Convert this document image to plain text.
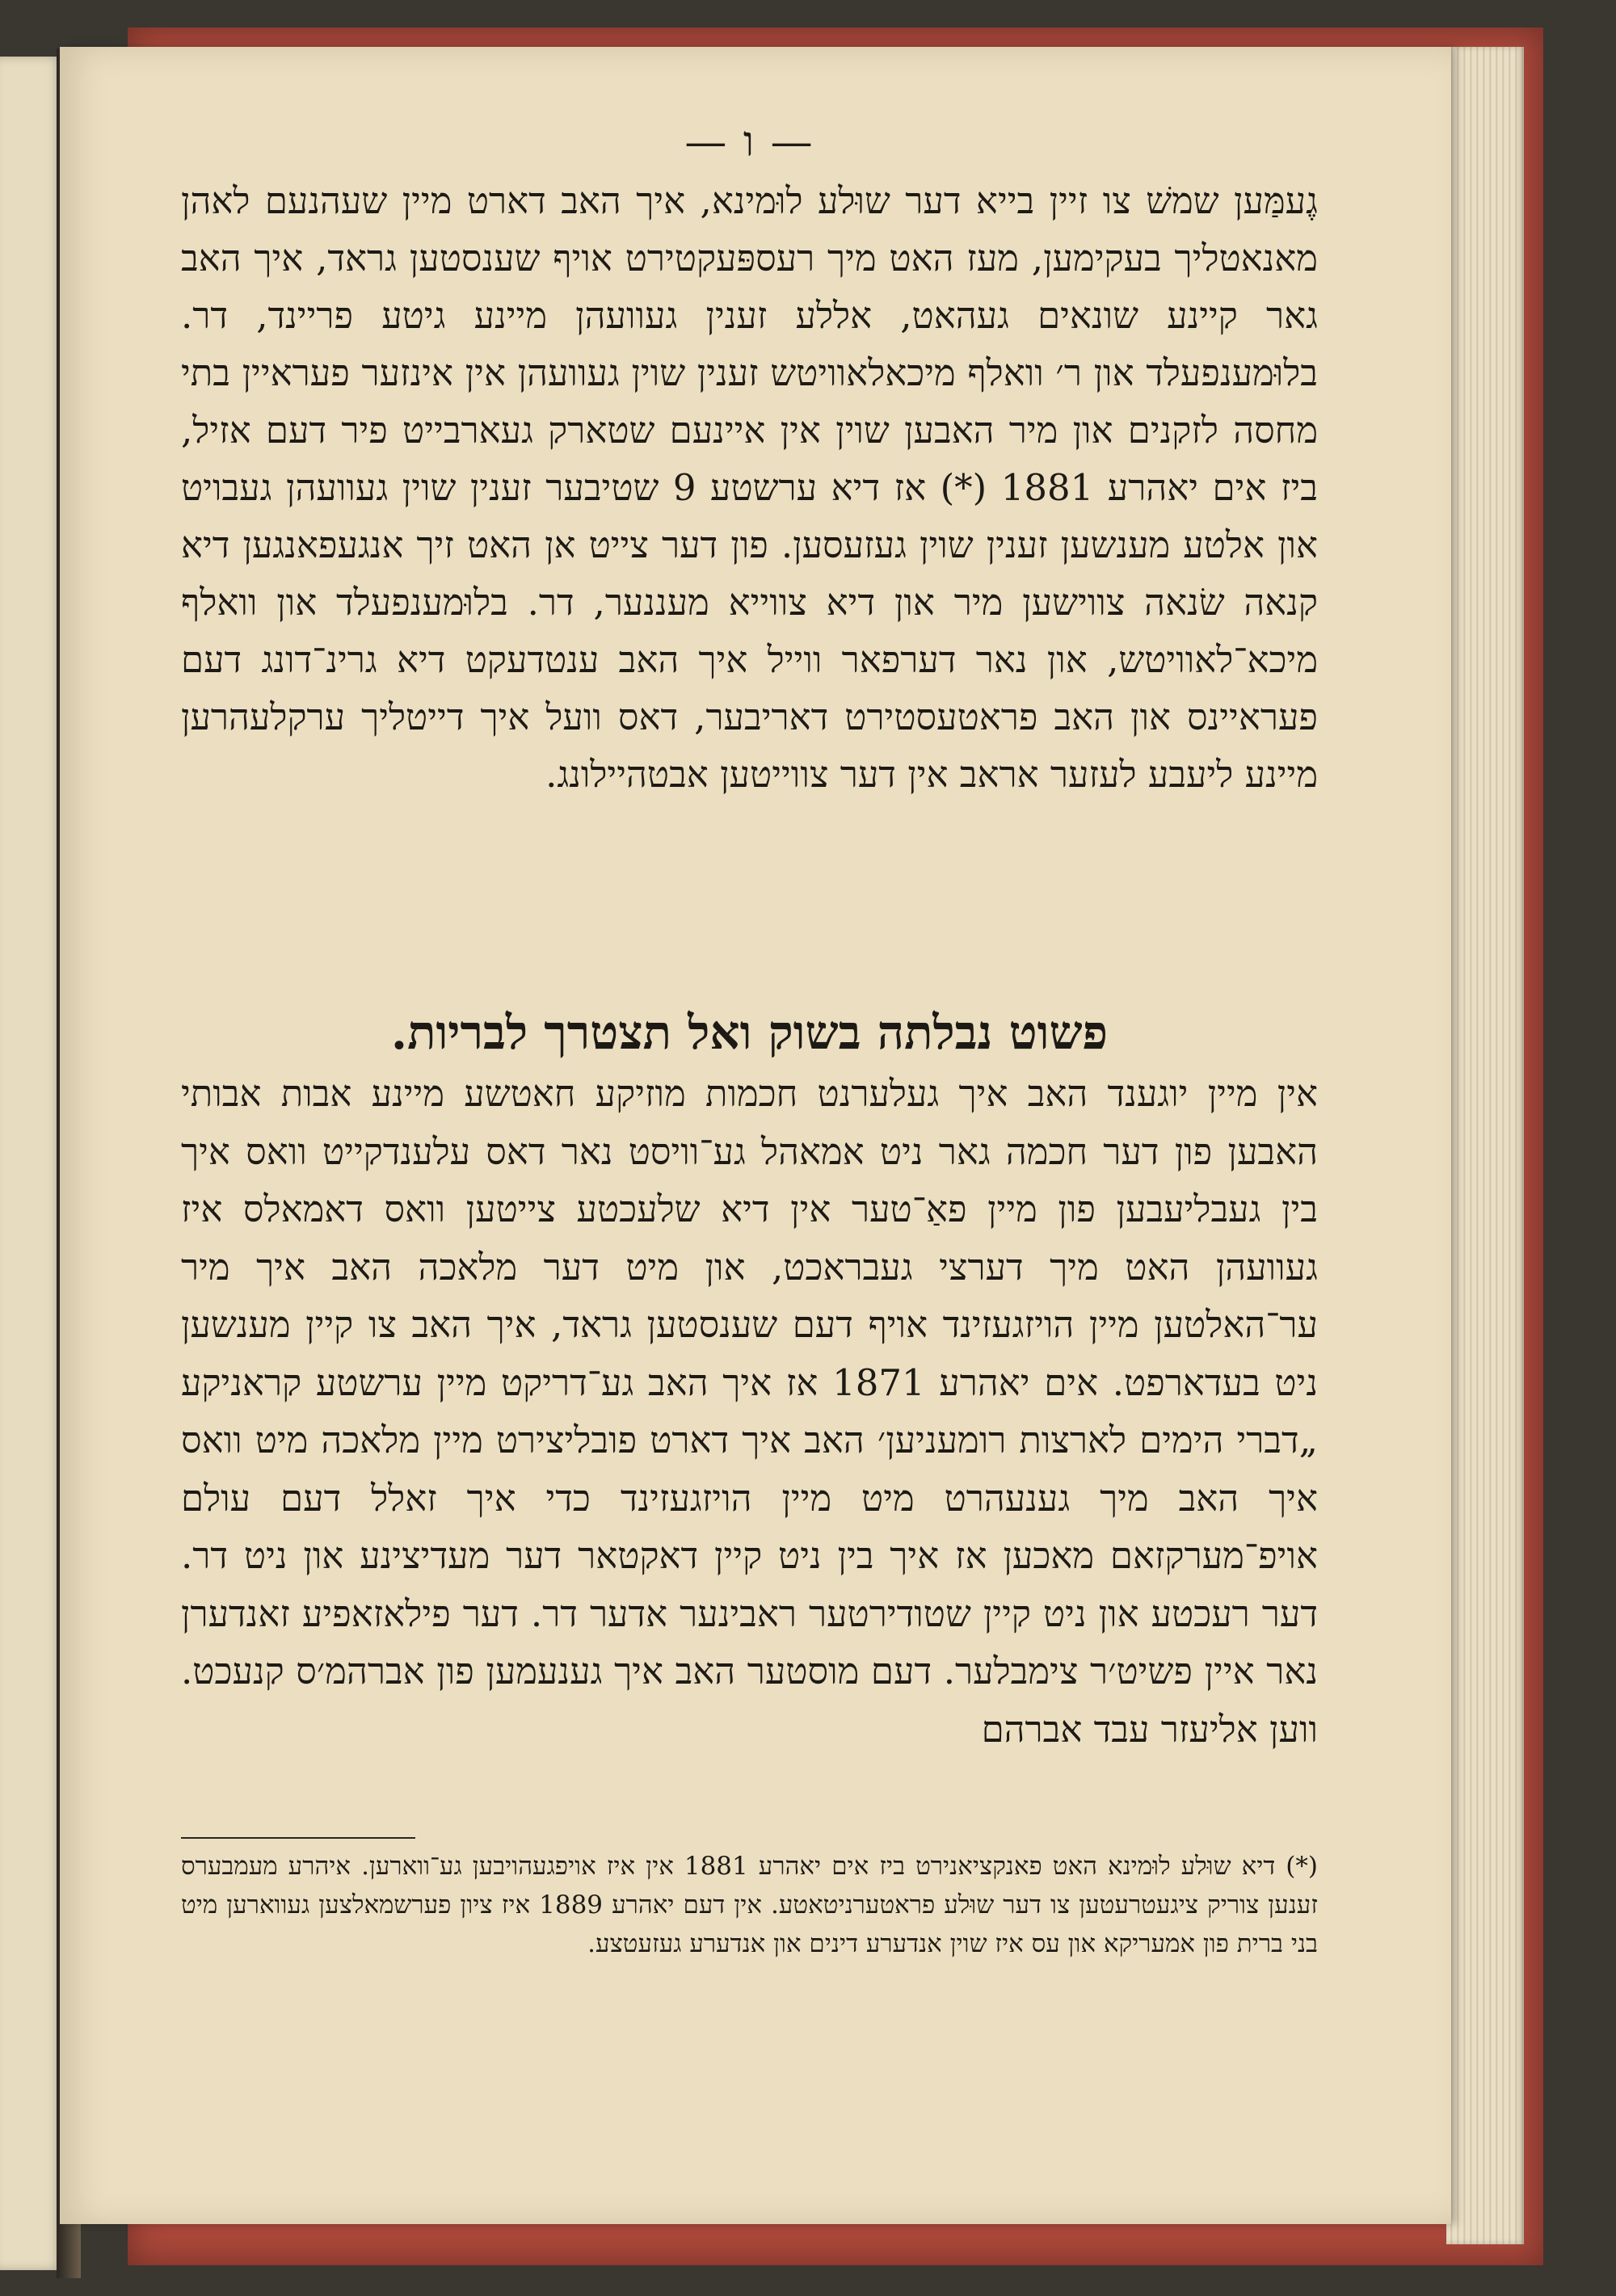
— ו —

גֶעמַּען שמשׁ צו זיין בייא דער שוּלע לוּמינא, איך האב דארט מיין שעהנעם לאהן מאנאטליך בעקימען, מעז האט מיך רעספּעקטירט אויף שענסטען גראד, איך האב גאר קיינע שונאים געהאט, אללע זענין געוועהן מיינע גיטע פריינד, דר. בלוּמענפעלד און ר׳ וואלף מיכאלאוויטש זענין שוין געוועהן אין אינזער פעראיין בתי מחסה לזקנים און מיר האבען שוין אין איינעם שטארק געארבייט פיר דעם אזיל, ביז אים יאהרע 1881 (*) אז דיא ערשטע 9 שטיבער זענין שוין געוועהן געבויט און אלטע מענשען זענין שוין געזעסען. פון דער צייט אן האט זיך אנגעפאנגען דיא קנאה שׂנאה צווישען מיר און דיא צווייא מעננער, דר. בלוּמענפעלד און וואלף מיכא־לאוויטש, און נאר דערפאר ווייל איך האב ענטדעקט דיא גרינ־דונג דעם פעראיינס און האב פראטעסטירט דאריבער, דאס וועל איך דייטליך ערקלעהרען מיינע ליעבע לעזער אראב אין דער צווייטען אבטהיילונג.

פשוט נבלתה בשוק ואל תצטרך לבריות.

אין מיין יוגענד האב איך געלערנט חכמות מוזיקע חאטשע מיינע אבות אבותי האבען פון דער חכמה גאר ניט אמאהל גע־וויסט נאר דאס עלענדקייט וואס איך בין געבליעבען פון מיין פאַ־טער אין דיא שלעכטע צייטען וואס דאמאלס איז געוועהן האט מיך דערצי געבראכט, און מיט דער מלאכה האב איך מיר ער־האלטען מיין הויזגעזינד אויף דעם שענסטען גראד, איך האב צו קיין מענשען ניט בעדארפט. אים יאהרע 1871 אז איך האב גע־דריקט מיין ערשטע קראניקע „דברי הימים לארצות רומעניען׳ האב איך דארט פובליצירט מיין מלאכה מיט וואס איך האב מיך גענעהרט מיט מיין הויזגעזינד כדי איך זאלל דעם עולם אויפ־מערקזאם מאכען אז איך בין ניט קיין דאקטאר דער מעדיצינע און ניט דר. דער רעכטע און ניט קיין שטודירטער ראבינער אדער דר. דער פילאזאפיע זאנדערן נאר איין פשיט׳ר צימבלער. דעם מוסטער האב איך גענעמען פון אברהמ׳ס קנעכט. ווען אליעזר עבד אברהם

(*) דיא שוּלע לוּמינא האט פאנקציאנירט ביז אים יאהרע 1881 אין איז אויפגעהויבען גע־ווארען. איהרע מעמבערס זענען צוריק ציגעטרעטען צו דער שוּלע פראטערניטאטע. אין דעם יאהרע 1889 איז ציון פערשמאלצען געווארען מיט בני ברית פון אמעריקא און עס איז שוין אנדערע דינים און אנדערע געזעטצע.
